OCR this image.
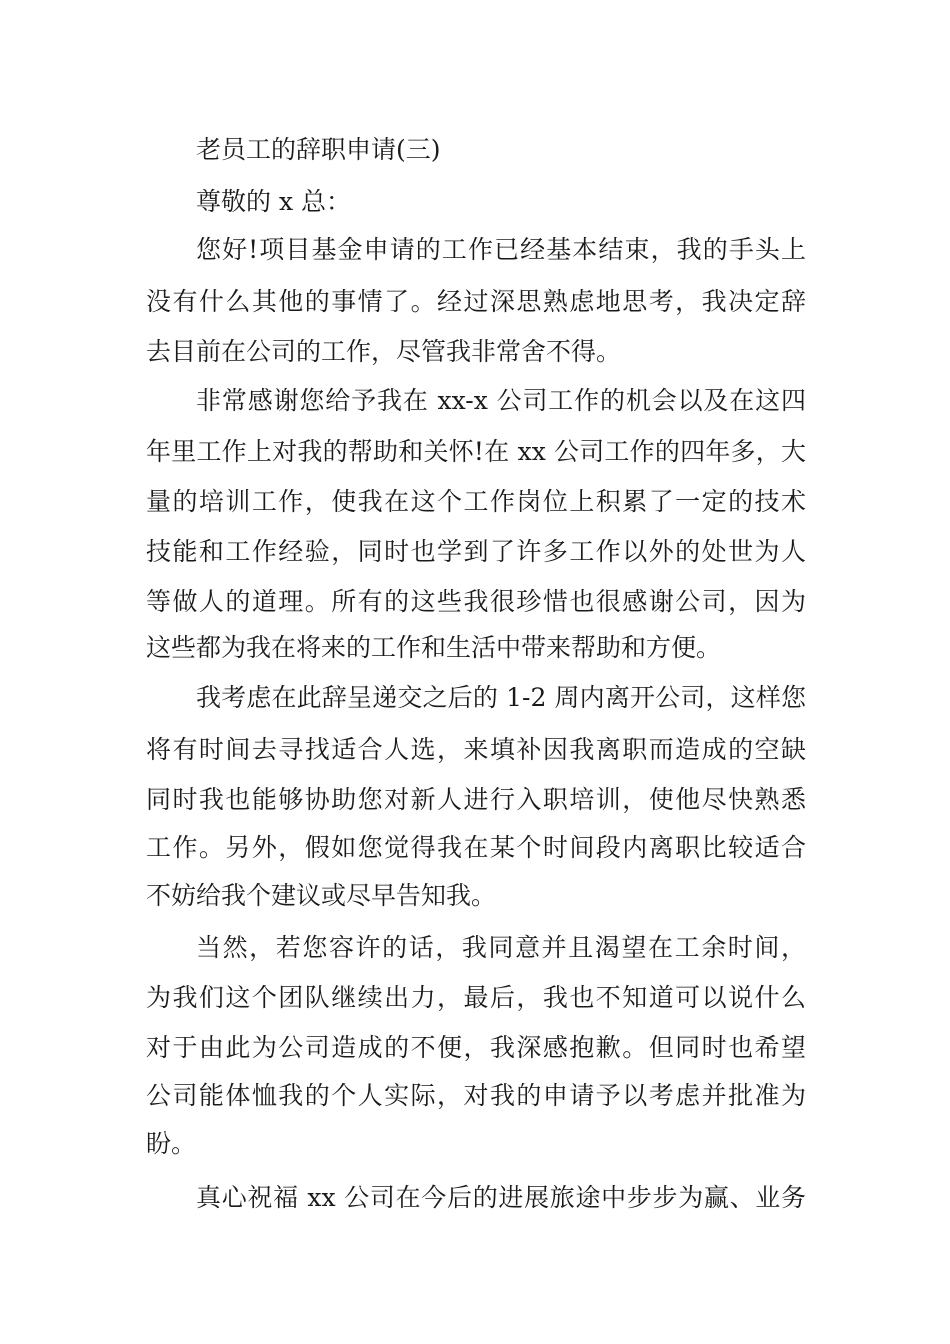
老员工的辞职申请(三)
尊敬的 x 总：
您好!项目基金申请的工作已经基本结束，我的手头上
没有什么其他的事情了。经过深思熟虑地思考，我决定辞
去目前在公司的工作，尽管我非常舍不得。
非常感谢您给予我在 xx-x 公司工作的机会以及在这四
年里工作上对我的帮助和关怀!在 xx 公司工作的四年多，大
量的培训工作，使我在这个工作岗位上积累了一定的技术
技能和工作经验，同时也学到了许多工作以外的处世为人
等做人的道理。所有的这些我很珍惜也很感谢公司，因为
这些都为我在将来的工作和生活中带来帮助和方便。
我考虑在此辞呈递交之后的 1-2 周内离开公司，这样您
将有时间去寻找适合人选，来填补因我离职而造成的空缺
同时我也能够协助您对新人进行入职培训，使他尽快熟悉
工作。另外，假如您觉得我在某个时间段内离职比较适合
不妨给我个建议或尽早告知我。
当然，若您容许的话，我同意并且渴望在工余时间，
为我们这个团队继续出力，最后，我也不知道可以说什么
对于由此为公司造成的不便，我深感抱歉。但同时也希望
公司能体恤我的个人实际，对我的申请予以考虑并批准为
盼。
真心祝福 xx 公司在今后的进展旅途中步步为赢、业务
